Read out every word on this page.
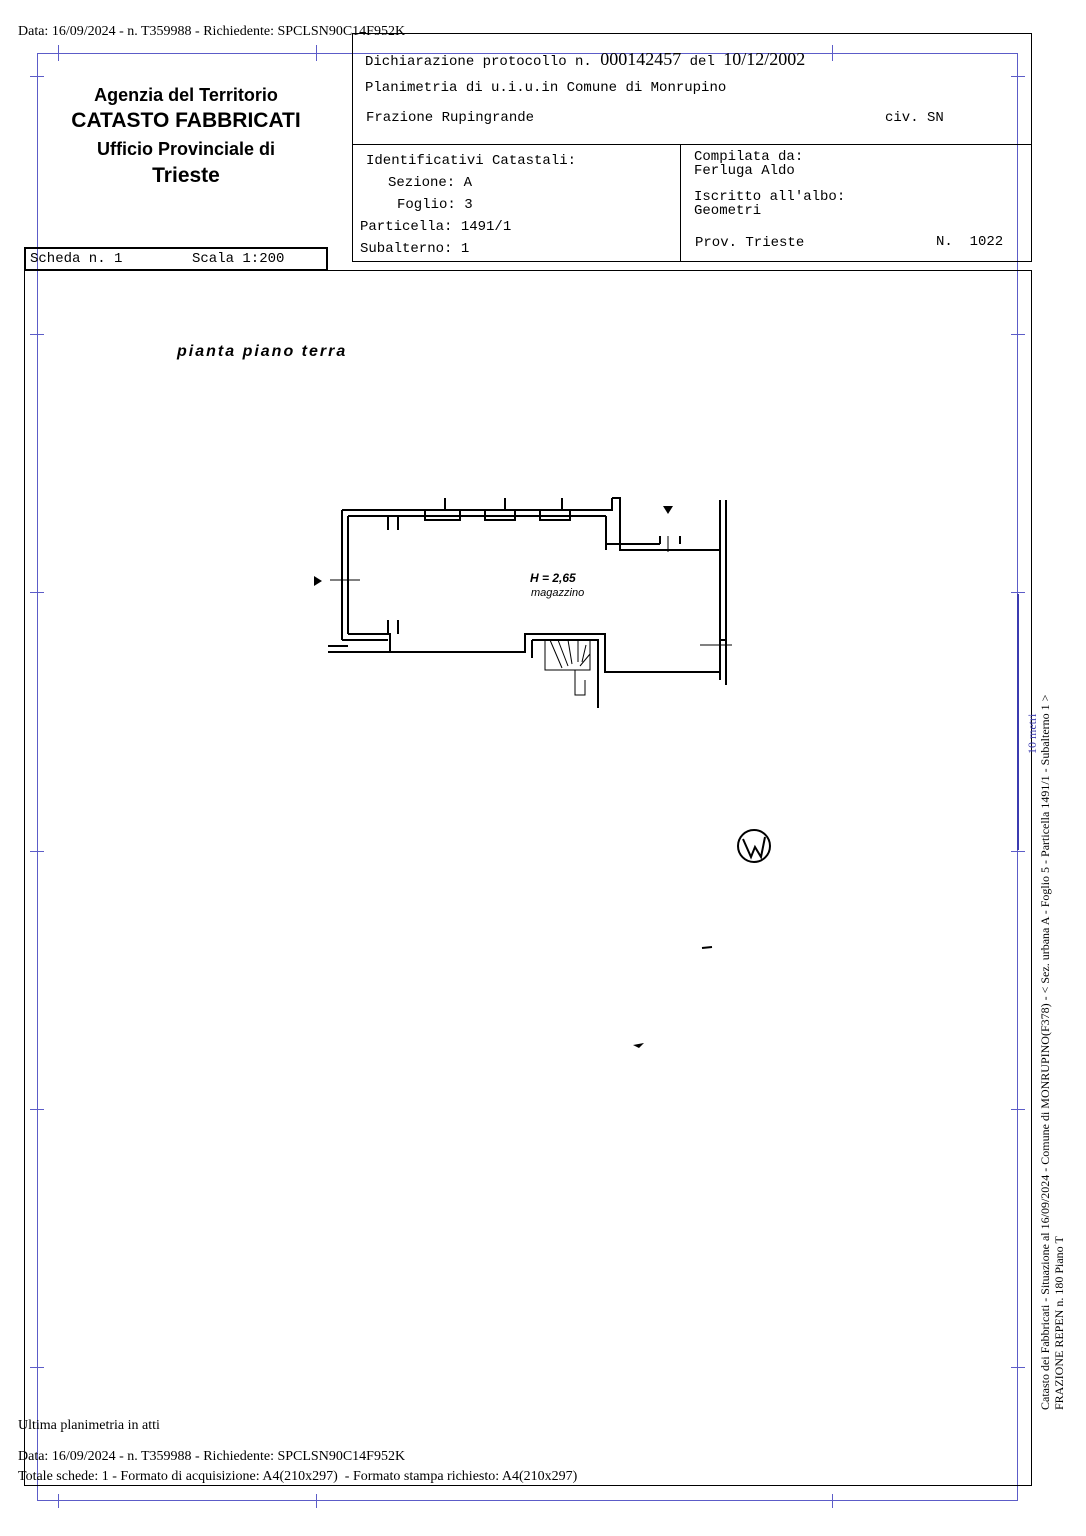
Data: 16/09/2024 - n. T359988 - Richiedente: SPCLSN90C14F952K
Agenzia del Territorio
CATASTO FABBRICATI
Ufficio Provinciale di
Trieste
Dichiarazione protocollo n. 000142457 del 10/12/2002
Planimetria di u.i.u.in Comune di Monrupino
Frazione Rupingrande	civ. SN
Identificativi Catastali:
Sezione: A
Foglio: 3
Particella: 1491/1
Subalterno: 1
Compilata da:
Ferluga Aldo
Iscritto all'albo:
Geometri
Prov. Trieste	N.  1022
Scheda n. 1	Scala 1:200
pianta piano terra
H = 2,65
magazzino
10 metri Catasto dei Fabbricati - Situazione al 16/09/2024 - Comune di MONRUPINO(F378) - < Sez. urbana A - Foglio 5 - Particella 1491/1 - Subalterno 1 > FRAZIONE REPEN n. 180 Piano T
Ultima planimetria in atti
Data: 16/09/2024 - n. T359988 - Richiedente: SPCLSN90C14F952K
Totale schede: 1 - Formato di acquisizione: A4(210x297)  - Formato stampa richiesto: A4(210x297)
